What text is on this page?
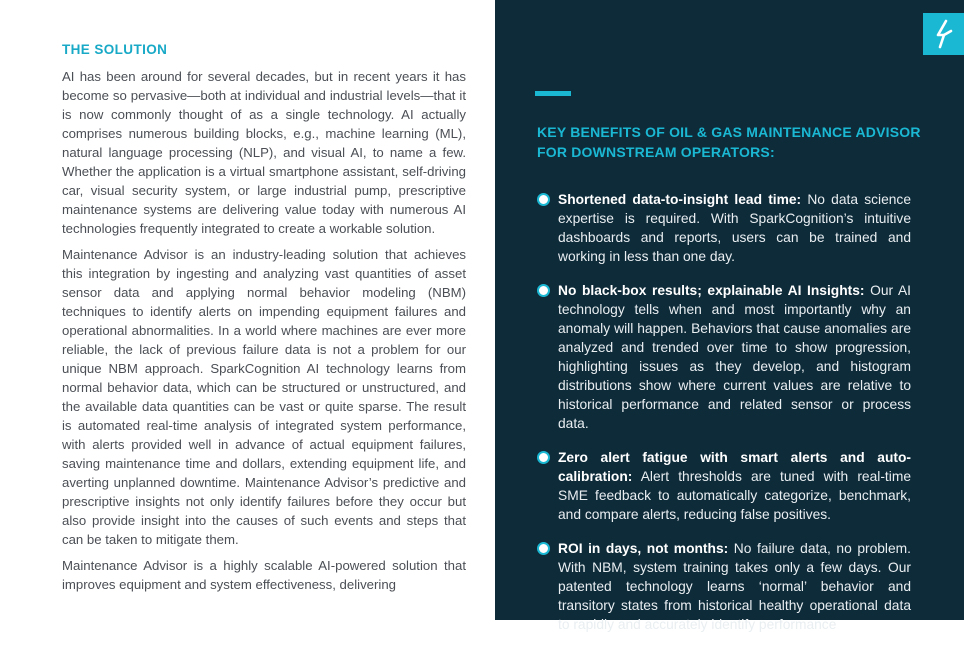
THE SOLUTION

AI has been around for several decades, but in recent years it has become so pervasive—both at individual and industrial levels—that it is now commonly thought of as a single technology. AI actually comprises numerous building blocks, e.g., machine learning (ML), natural language processing (NLP), and visual AI, to name a few. Whether the application is a virtual smartphone assistant, self-driving car, visual security system, or large industrial pump, prescriptive maintenance systems are delivering value today with numerous AI technologies frequently integrated to create a workable solution.

Maintenance Advisor is an industry-leading solution that achieves this integration by ingesting and analyzing vast quantities of asset sensor data and applying normal behavior modeling (NBM) techniques to identify alerts on impending equipment failures and operational abnormalities. In a world where machines are ever more reliable, the lack of previous failure data is not a problem for our unique NBM approach. SparkCognition AI technology learns from normal behavior data, which can be structured or unstructured, and the available data quantities can be vast or quite sparse. The result is automated real-time analysis of integrated system performance, with alerts provided well in advance of actual equipment failures, saving maintenance time and dollars, extending equipment life, and averting unplanned downtime. Maintenance Advisor’s predictive and prescriptive insights not only identify failures before they occur but also provide insight into the causes of such events and steps that can be taken to mitigate them.

Maintenance Advisor is a highly scalable AI-powered solution that improves equipment and system effectiveness, delivering

KEY BENEFITS OF OIL & GAS MAINTENANCE ADVISOR FOR DOWNSTREAM OPERATORS:
Shortened data-to-insight lead time: No data science expertise is required. With SparkCognition’s intuitive dashboards and reports, users can be trained and working in less than one day.
No black-box results; explainable AI Insights: Our AI technology tells when and most importantly why an anomaly will happen. Behaviors that cause anomalies are analyzed and trended over time to show progression, highlighting issues as they develop, and histogram distributions show where current values are relative to historical performance and related sensor or process data.
Zero alert fatigue with smart alerts and auto-calibration: Alert thresholds are tuned with real-time SME feedback to automatically categorize, benchmark, and compare alerts, reducing false positives.
ROI in days, not months: No failure data, no problem. With NBM, system training takes only a few days. Our patented technology learns ‘normal’ behavior and transitory states from historical healthy operational data to rapidly and accurately identify performance
